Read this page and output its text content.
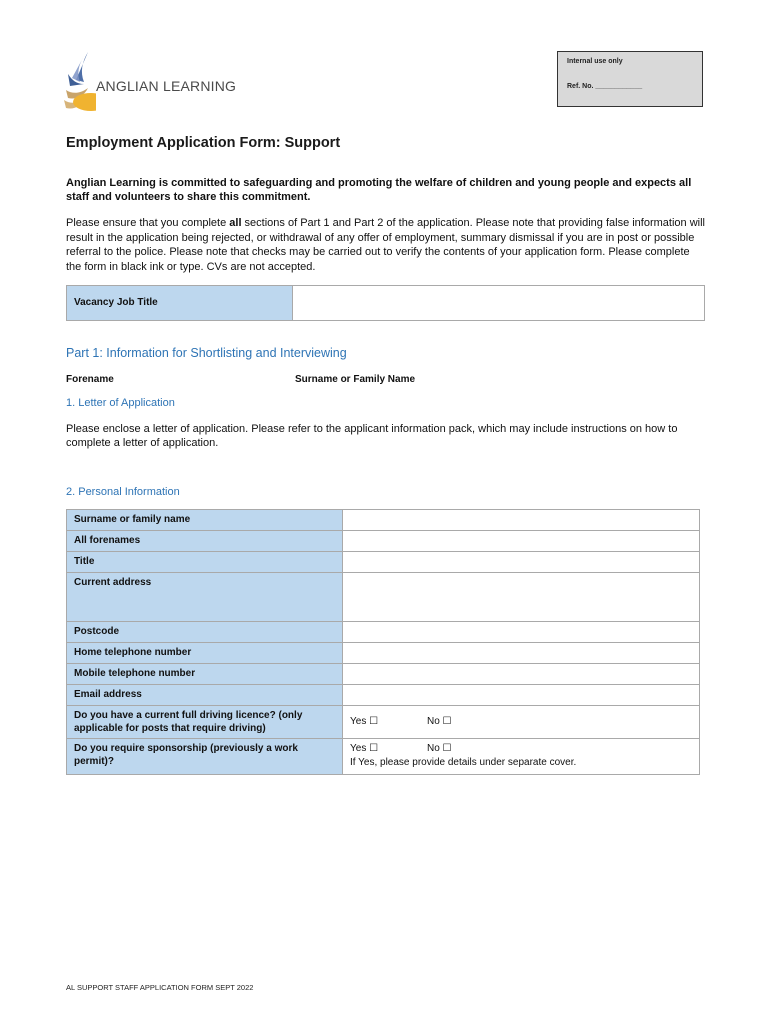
ANGLIAN LEARNING
Internal use only
Ref. No. ____________
Employment Application Form: Support
Anglian Learning is committed to safeguarding and promoting the welfare of children and young people and expects all staff and volunteers to share this commitment.
Please ensure that you complete all sections of Part 1 and Part 2 of the application. Please note that providing false information will result in the application being rejected, or withdrawal of any offer of employment, summary dismissal if you are in post or possible referral to the police. Please note that checks may be carried out to verify the contents of your application form. Please complete the form in black ink or type. CVs are not accepted.
Vacancy Job Title
Part 1: Information for Shortlisting and Interviewing
Forename	Surname or Family Name
1. Letter of Application
Please enclose a letter of application. Please refer to the applicant information pack, which may include instructions on how to complete a letter of application.
2. Personal Information
Surname or family name	
All forenames	
Title	
Current address	
Postcode	
Home telephone number	
Mobile telephone number	
Email address	
Do you have a current full driving licence? (only applicable for posts that require driving)	Yes ☐ No ☐

Do you require sponsorship (previously a work permit)?	Yes ☐ No ☐
If Yes, please provide details under separate cover.
AL SUPPORT STAFF APPLICATION FORM SEPT 2022
